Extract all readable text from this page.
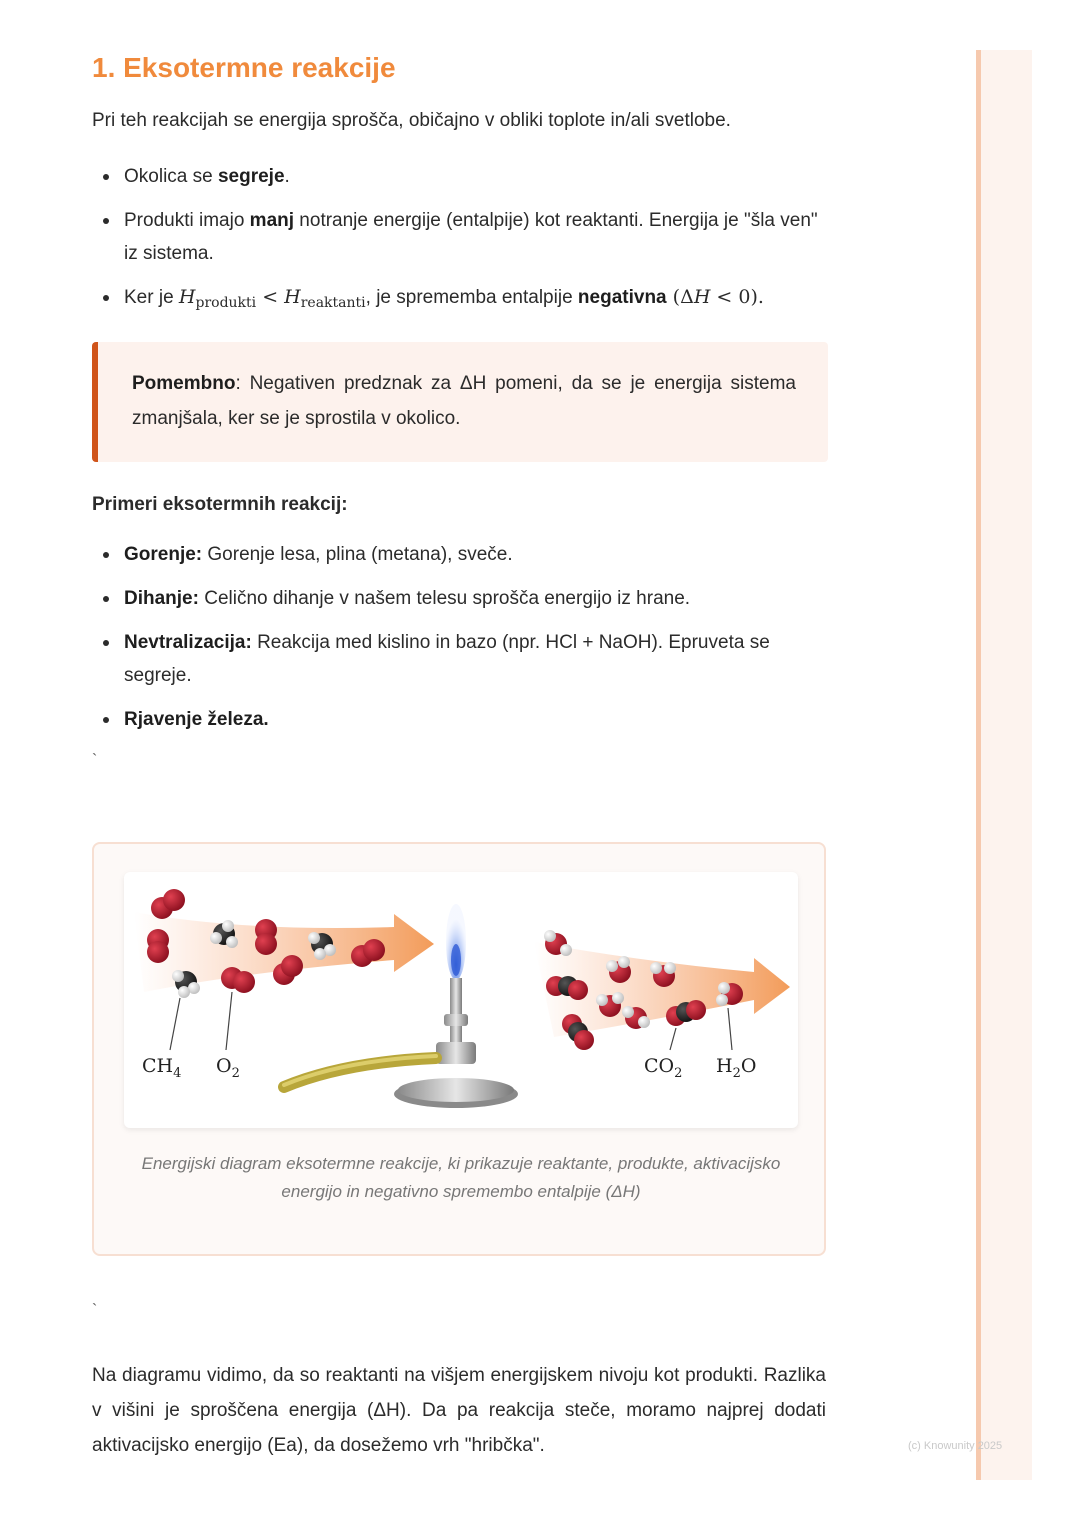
(c) Knowunity 2025
1. Eksotermne reakcije

Pri teh reakcijah se energija sprošča, običajno v obliki toplote in/ali svetlobe.

Okolica se segreje.
Produkti imajo manj notranje energije (entalpije) kot reaktanti. Energija je "šla ven" iz sistema.
Ker je $H_{produkti} < H_{reaktanti}$, je sprememba entalpije negativna (ΔH < 0).
Pomembno: Negativen predznak za ΔH pomeni, da se je energija sistema zmanjšala, ker se je sprostila v okolico.
Primeri eksotermnih reakcij:
Gorenje: Gorenje lesa, plina (metana), sveče.
Dihanje: Celično dihanje v našem telesu sprošča energijo iz hrane.
Nevtralizacija: Reakcija med kislino in bazo (npr. HCl + NaOH). Epruveta se segreje.
Rjavenje železa.
`
$CH_4$ $O_2$	$CO_2$ $H_2O$
Energijski diagram eksotermne reakcije, ki prikazuje reaktante, produkte, aktivacijsko energijo in negativno spremembo entalpije (ΔH)
`

Na diagramu vidimo, da so reaktanti na višjem energijskem nivoju kot produkti. Razlika v višini je sproščena energija (ΔH). Da pa reakcija steče, moramo najprej dodati aktivacijsko energijo (Ea), da dosežemo vrh "hribčka".
